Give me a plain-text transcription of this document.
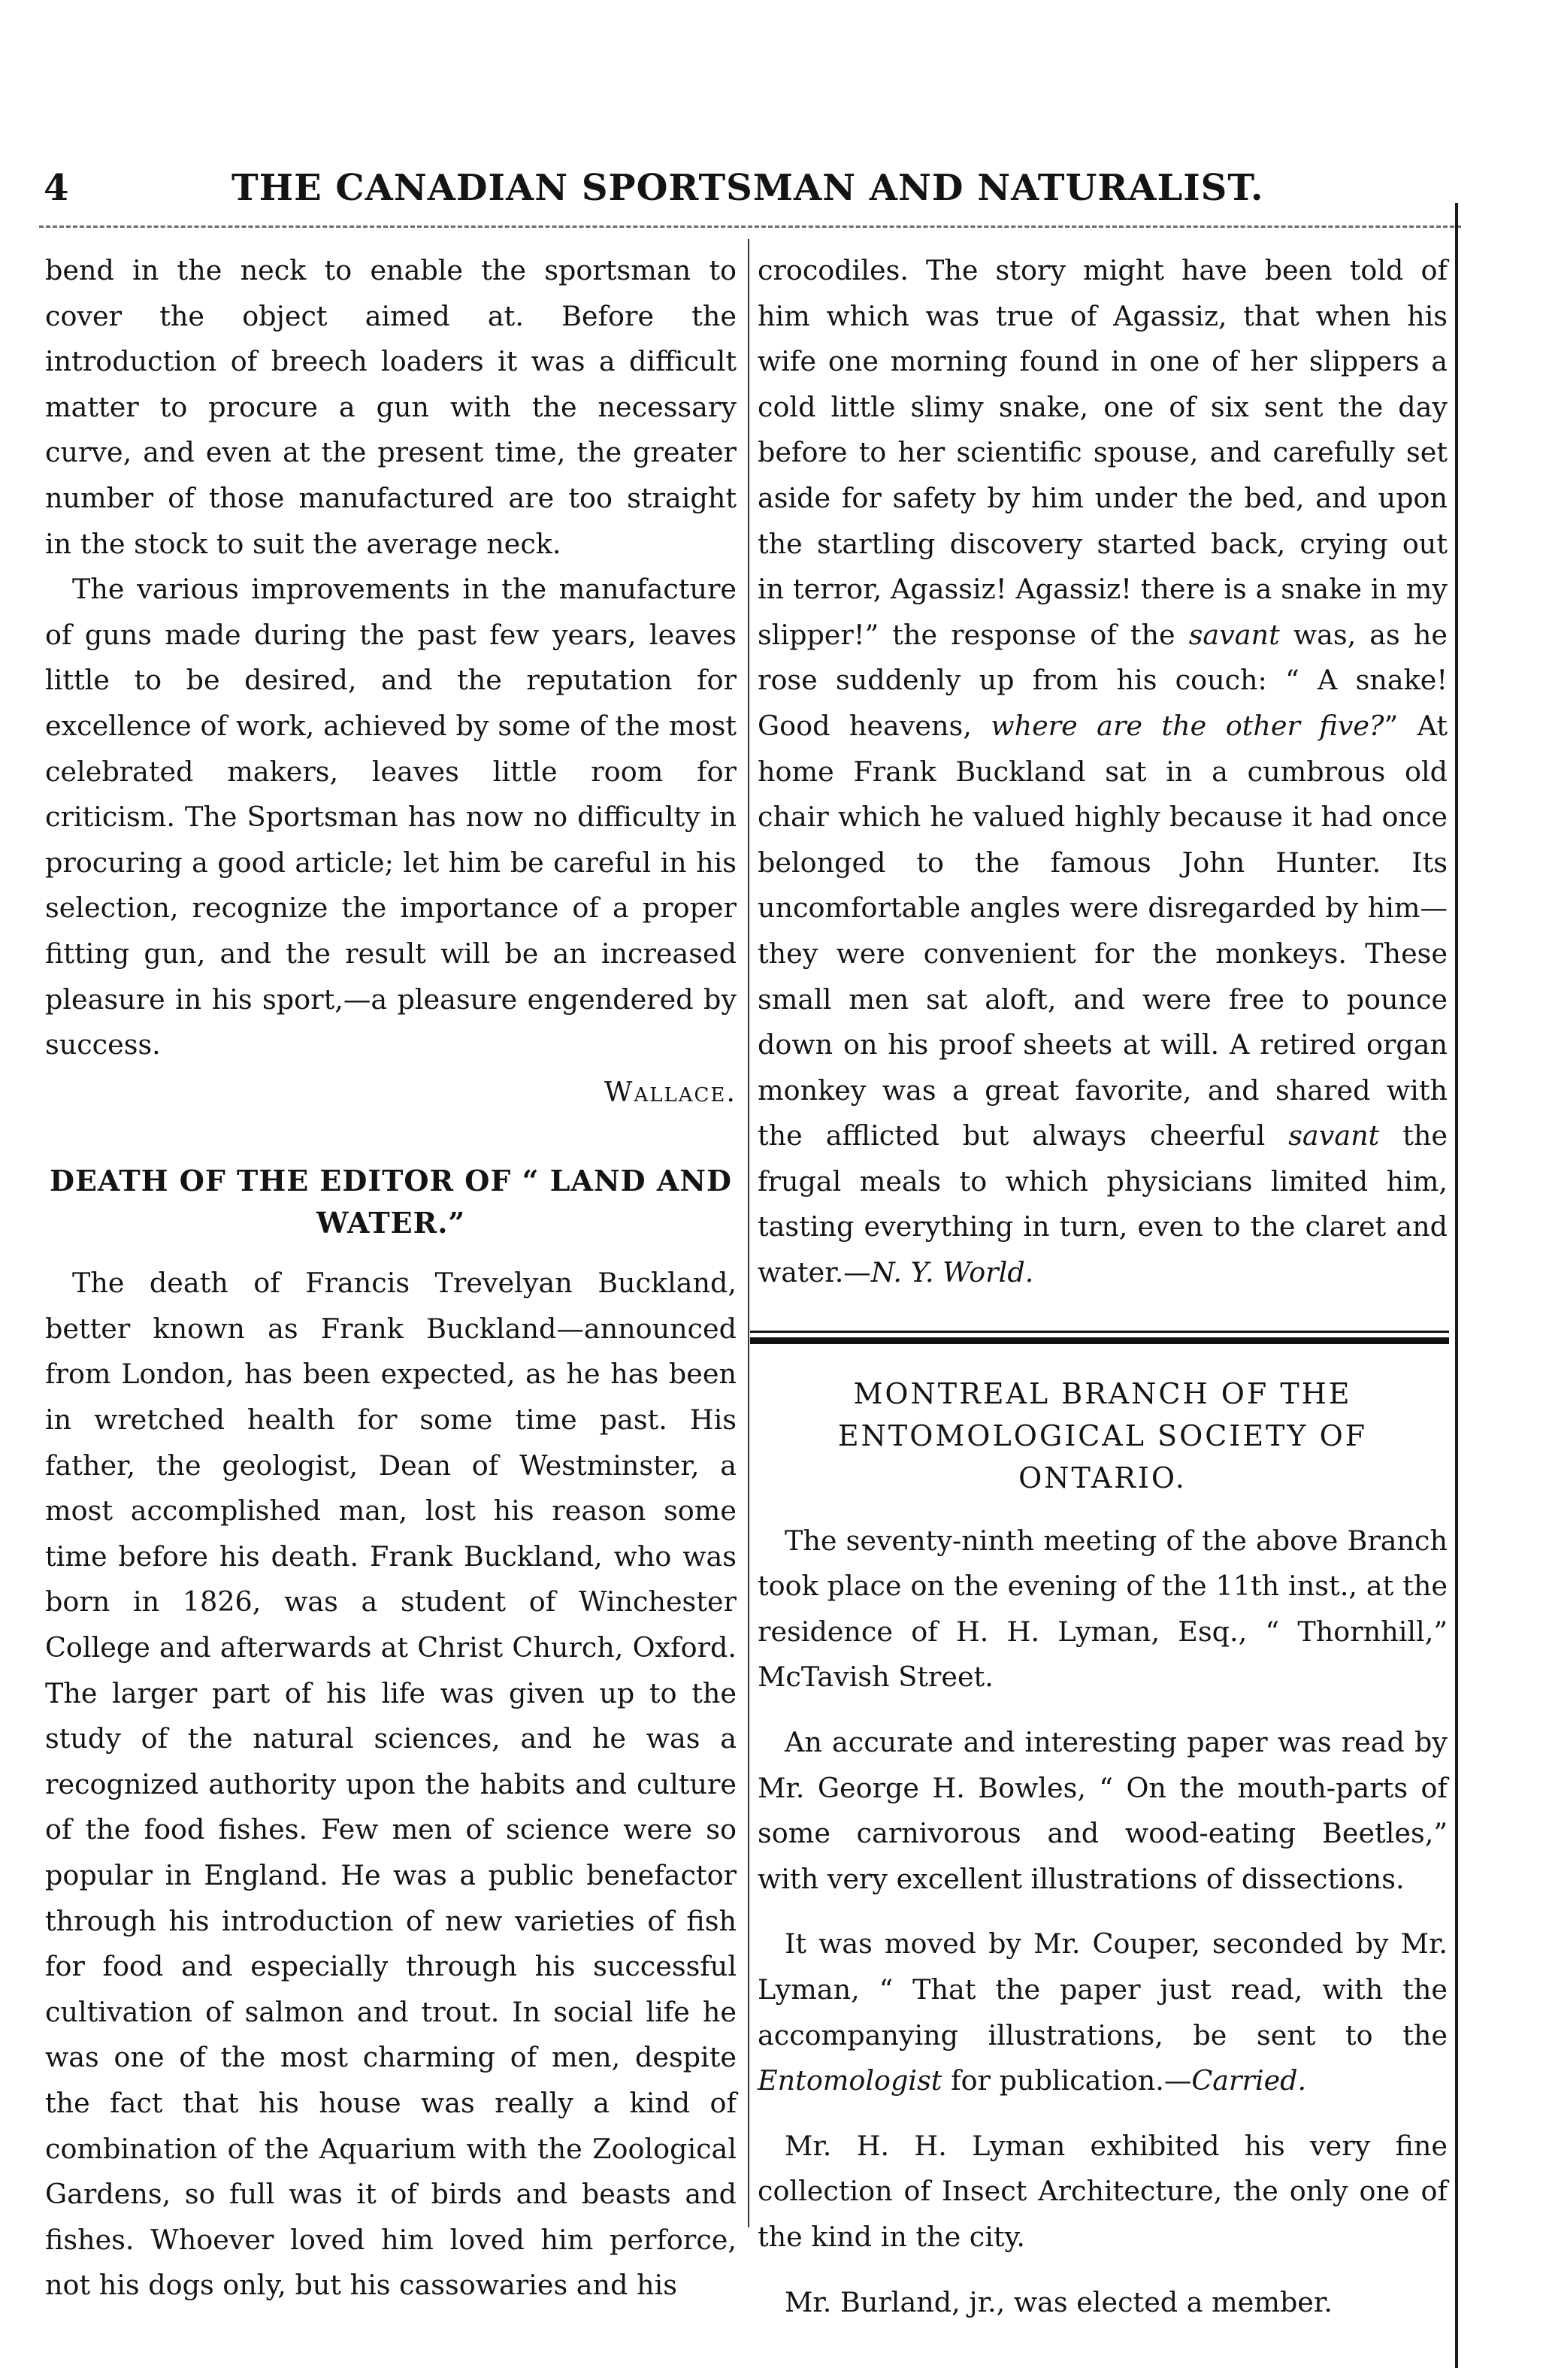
4	THE CANADIAN SPORTSMAN AND NATURALIST.

bend in the neck to enable the sportsman to cover the object aimed at. Before the introduction of breech loaders it was a difficult matter to procure a gun with the necessary curve, and even at the present time, the greater number of those manufactured are too straight in the stock to suit the average neck.

The various improvements in the manufacture of guns made during the past few years, leaves little to be desired, and the reputation for excellence of work, achieved by some of the most celebrated makers, leaves little room for criticism. The Sportsman has now no difficulty in procuring a good article; let him be careful in his selection, recognize the importance of a proper fitting gun, and the result will be an increased pleasure in his sport,—a pleasure engendered by success.

Wallace.
DEATH OF THE EDITOR OF “ LAND AND WATER.”

The death of Francis Trevelyan Buckland, better known as Frank Buckland—announced from London, has been expected, as he has been in wretched health for some time past. His father, the geologist, Dean of Westminster, a most accomplished man, lost his reason some time before his death. Frank Buckland, who was born in 1826, was a student of Winchester College and afterwards at Christ Church, Oxford. The larger part of his life was given up to the study of the natural sciences, and he was a recognized authority upon the habits and culture of the food fishes. Few men of science were so popular in England. He was a public benefactor through his introduction of new varieties of fish for food and especially through his successful cultivation of salmon and trout. In social life he was one of the most charming of men, despite the fact that his house was really a kind of combination of the Aquarium with the Zoological Gardens, so full was it of birds and beasts and fishes. Whoever loved him loved him perforce, not his dogs only, but his cassowaries and his

crocodiles. The story might have been told of him which was true of Agassiz, that when his wife one morning found in one of her slippers a cold little slimy snake, one of six sent the day before to her scientific spouse, and carefully set aside for safety by him under the bed, and upon the startling discovery started back, crying out in terror, Agassiz! Agassiz! there is a snake in my slipper!” the response of the savant was, as he rose suddenly up from his couch: “ A snake! Good heavens, where are the other five?” At home Frank Buckland sat in a cumbrous old chair which he valued highly because it had once belonged to the famous John Hunter. Its uncomfortable angles were disregarded by him—they were convenient for the monkeys. These small men sat aloft, and were free to pounce down on his proof sheets at will. A retired organ monkey was a great favorite, and shared with the afflicted but always cheerful savant the frugal meals to which physicians limited him, tasting everything in turn, even to the claret and water.—N. Y. World.

MONTREAL BRANCH OF THE ENTOMOLOGICAL SOCIETY OF ONTARIO.

The seventy-ninth meeting of the above Branch took place on the evening of the 11th inst., at the residence of H. H. Lyman, Esq., “ Thornhill,” McTavish Street.

An accurate and interesting paper was read by Mr. George H. Bowles, “ On the mouth-parts of some carnivorous and wood-eating Beetles,” with very excellent illustrations of dissections.

It was moved by Mr. Couper, seconded by Mr. Lyman, “ That the paper just read, with the accompanying illustrations, be sent to the Entomologist for publication.—Carried.

Mr. H. H. Lyman exhibited his very fine collection of Insect Architecture, the only one of the kind in the city.

Mr. Burland, jr., was elected a member.
